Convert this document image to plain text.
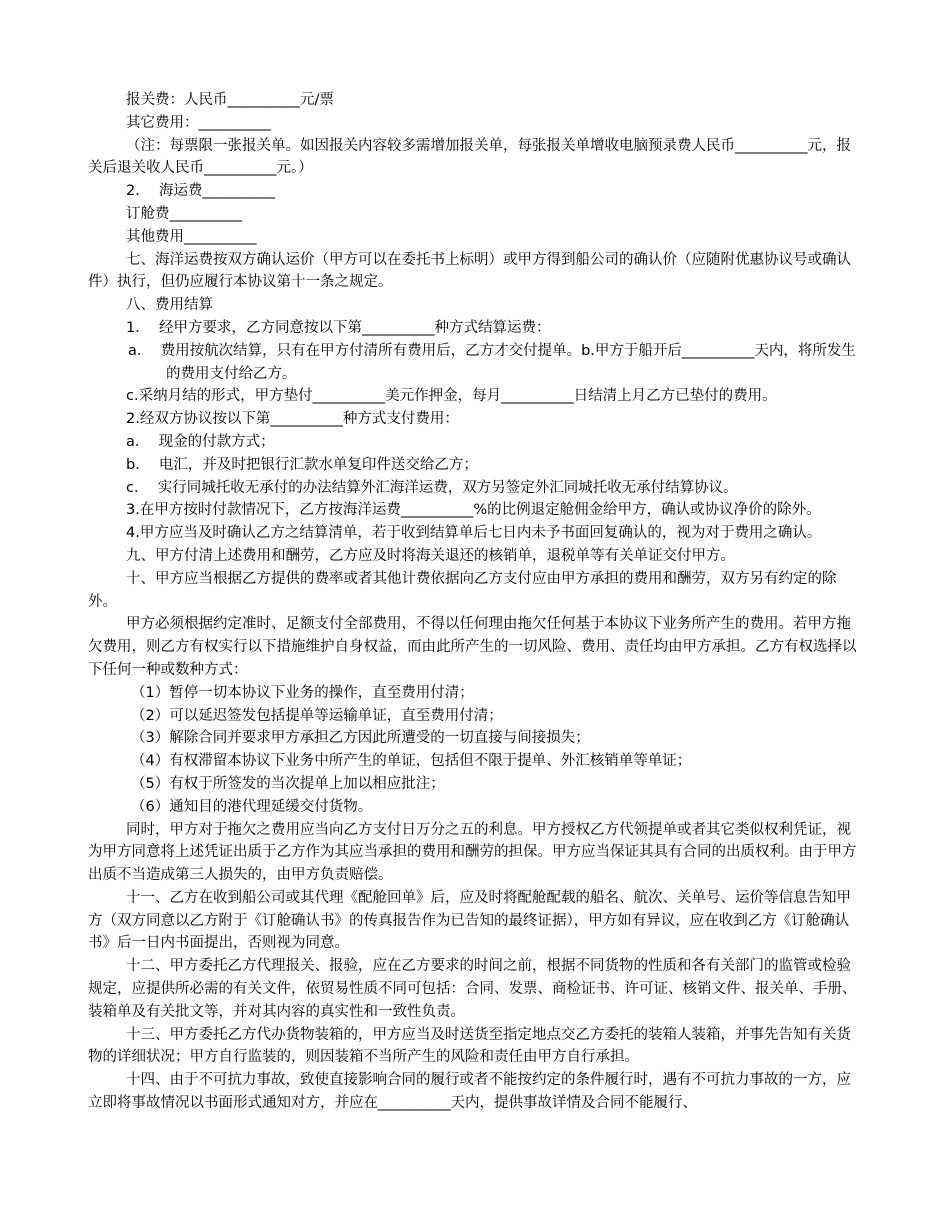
报关费：人民币__________元/票

其它费用：__________

（注：每票限一张报关单。如因报关内容较多需增加报关单，每张报关单增收电脑预录费人民币__________元，报关后退关收人民币__________元。）

2．  海运费__________

订舱费__________

其他费用__________

七、海洋运费按双方确认运价（甲方可以在委托书上标明）或甲方得到船公司的确认价（应随附优惠协议号或确认件）执行，但仍应履行本协议第十一条之规定。

八、费用结算

1．  经甲方要求，乙方同意按以下第__________种方式结算运费：

a．  费用按航次结算，只有在甲方付清所有费用后，乙方才交付提单。b.甲方于船开后__________天内，将所发生的费用支付给乙方。

c.采纳月结的形式，甲方垫付__________美元作押金，每月__________日结清上月乙方已垫付的费用。

2.经双方协议按以下第__________种方式支付费用：

a．  现金的付款方式；

b．  电汇，并及时把银行汇款水单复印件送交给乙方；

c．  实行同城托收无承付的办法结算外汇海洋运费，双方另签定外汇同城托收无承付结算协议。

3.在甲方按时付款情况下，乙方按海洋运费__________%的比例退定舱佣金给甲方，确认或协议净价的除外。

4.甲方应当及时确认乙方之结算清单，若于收到结算单后七日内未予书面回复确认的，视为对于费用之确认。

九、甲方付清上述费用和酬劳，乙方应及时将海关退还的核销单，退税单等有关单证交付甲方。

十、甲方应当根据乙方提供的费率或者其他计费依据向乙方支付应由甲方承担的费用和酬劳，双方另有约定的除外。

甲方必须根据约定准时、足额支付全部费用，不得以任何理由拖欠任何基于本协议下业务所产生的费用。若甲方拖欠费用，则乙方有权实行以下措施维护自身权益，而由此所产生的一切风险、费用、责任均由甲方承担。乙方有权选择以下任何一种或数种方式：

（1）暂停一切本协议下业务的操作，直至费用付清；

（2）可以延迟签发包括提单等运输单证，直至费用付清；

（3）解除合同并要求甲方承担乙方因此所遭受的一切直接与间接损失；

（4）有权滞留本协议下业务中所产生的单证，包括但不限于提单、外汇核销单等单证；

（5）有权于所签发的当次提单上加以相应批注；

（6）通知目的港代理延缓交付货物。

同时，甲方对于拖欠之费用应当向乙方支付日万分之五的利息。甲方授权乙方代领提单或者其它类似权利凭证，视为甲方同意将上述凭证出质于乙方作为其应当承担的费用和酬劳的担保。甲方应当保证其具有合同的出质权利。由于甲方出质不当造成第三人损失的，由甲方负责赔偿。

十一、乙方在收到船公司或其代理《配舱回单》后，应及时将配舱配载的船名、航次、关单号、运价等信息告知甲方（双方同意以乙方附于《订舱确认书》的传真报告作为已告知的最终证据），甲方如有异议，应在收到乙方《订舱确认书》后一日内书面提出，否则视为同意。

十二、甲方委托乙方代理报关、报验，应在乙方要求的时间之前，根据不同货物的性质和各有关部门的监管或检验规定，应提供所必需的有关文件，依贸易性质不同可包括：合同、发票、商检证书、许可证、核销文件、报关单、手册、装箱单及有关批文等，并对其内容的真实性和一致性负责。

十三、甲方委托乙方代办货物装箱的，甲方应当及时送货至指定地点交乙方委托的装箱人装箱，并事先告知有关货物的详细状况；甲方自行监装的，则因装箱不当所产生的风险和责任由甲方自行承担。

十四、由于不可抗力事故，致使直接影响合同的履行或者不能按约定的条件履行时，遇有不可抗力事故的一方，应立即将事故情况以书面形式通知对方，并应在__________天内，提供事故详情及合同不能履行、
